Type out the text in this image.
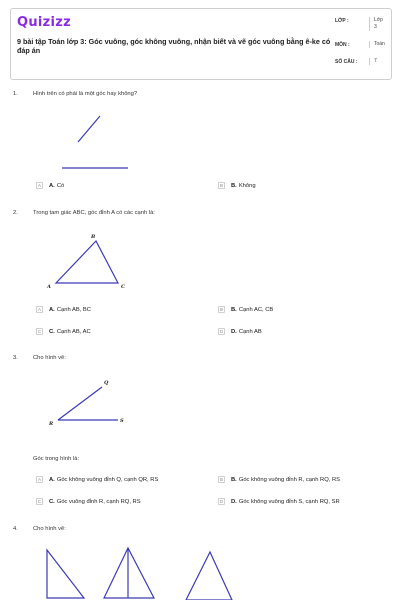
Quizizz
9 bài tập Toán lớp 3: Góc vuông, góc không vuông, nhận biết và vẽ góc vuông bằng ê-ke có đáp án
LỚP :	Lớp 3
MÔN :	Toán
SỐ CÂU :	7
1.	Hình trên có phải là một góc hay không?
A	A. Có	B	B. Không
2.	Trong tam giác ABC, góc đỉnh A có các cạnh là:
B
A	C
A	A. Cạnh AB, BC	B	B. Cạnh AC, CB
C	C. Cạnh AB, AC	D	D. Cạnh AB
3.	Cho hình vẽ:
Q
R	S
Góc trong hình là:
A	A. Góc không vuông đỉnh Q, cạnh QR, RS	B	B. Góc không vuông đỉnh R, cạnh RQ, RS
C	C. Góc vuông đỉnh R, cạnh RQ, RS	D	D. Góc không vuông đỉnh S, cạnh RQ, SR
4.	Cho hình vẽ:
